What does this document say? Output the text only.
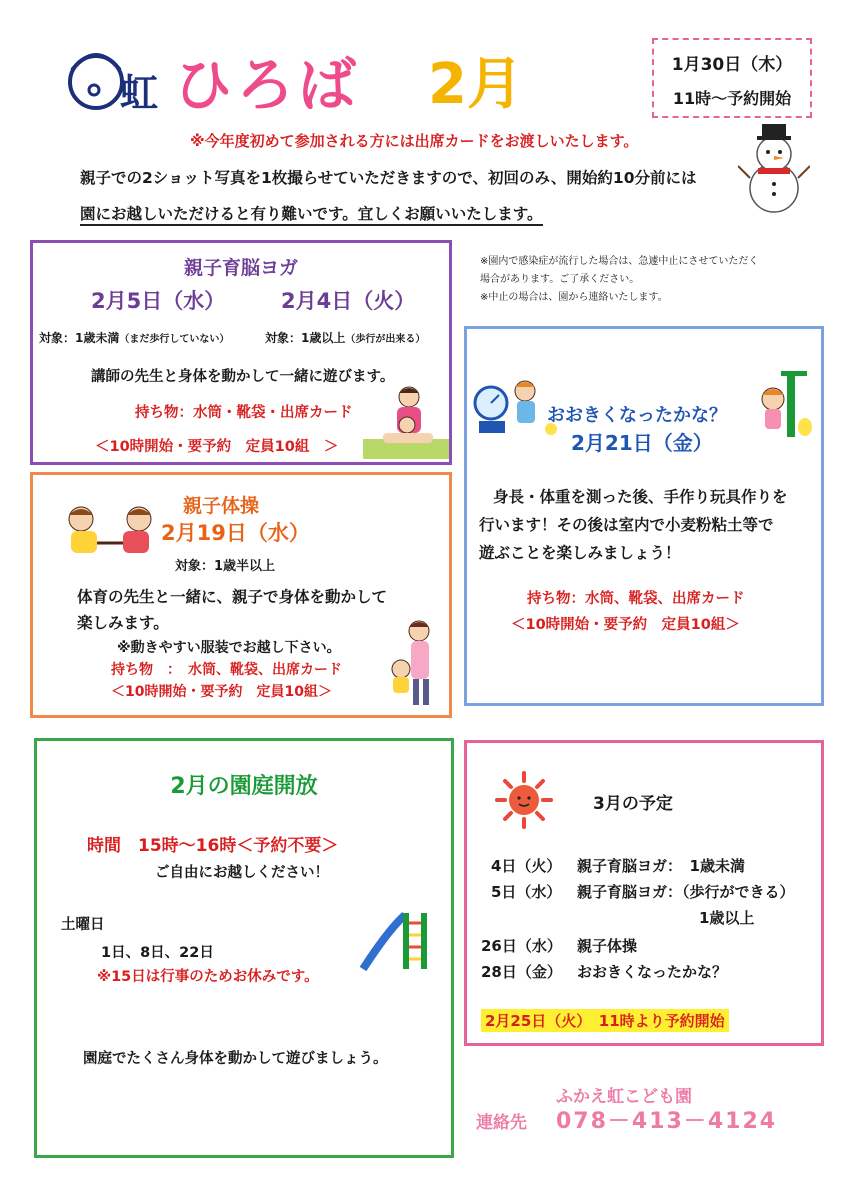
虹 ひろば 2月	1月30日（木）
11時～予約開始
※今年度初めて参加される方には出席カードをお渡しいたします。
親子での2ショット写真を1枚撮らせていただきますので、初回のみ、開始約10分前には
園にお越しいただけると有り難いです。宜しくお願いいたします。
親子育脳ヨガ
2月5日（水）	2月4日（火）
対象：1歳未満（まだ歩行していない）	対象：1歳以上（歩行が出来る）
講師の先生と身体を動かして一緒に遊びます。
持ち物：水筒・靴袋・出席カード
＜10時開始・要予約　定員10組　＞
※園内で感染症が流行した場合は、急遽中止にさせていただく
場合があります。ご了承ください。
※中止の場合は、園から連絡いたします。
おおきくなったかな？
2月21日（金）
身長・体重を測った後、手作り玩具作りを
行います！その後は室内で小麦粉粘土等で
遊ぶことを楽しみましょう！
持ち物：水筒、靴袋、出席カード
＜10時開始・要予約　定員10組＞
親子体操
2月19日（水）
対象：1歳半以上
体育の先生と一緒に、親子で身体を動かして
楽しみます。
※動きやすい服装でお越し下さい。
持ち物　：　水筒、靴袋、出席カード
＜10時開始・要予約　定員10組＞
2月の園庭開放
時間　15時～16時＜予約不要＞
ご自由にお越しください！
土曜日
1日、8日、22日
※15日は行事のためお休みです。
園庭でたくさん身体を動かして遊びましょう。
3月の予定
4日（火） 親子育脳ヨガ：　1歳未満
5日（水） 親子育脳ヨガ：（歩行ができる）
1歳以上
26日（水） 親子体操
28日（金） おおきくなったかな？
2月25日（火）　11時より予約開始
ふかえ虹こども園
連絡先 078－413－4124
